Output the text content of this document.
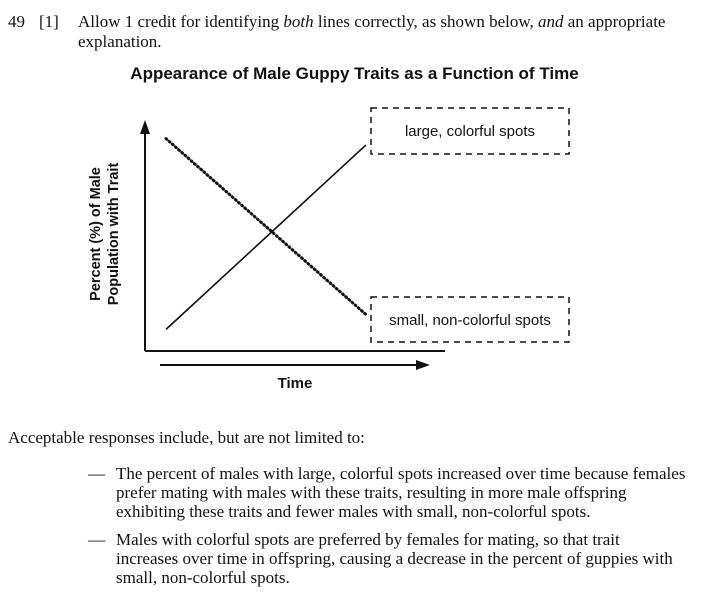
49 [1] Allow 1 credit for identifying both lines correctly, as shown below, and an appropriate
explanation.
Appearance of Male Guppy Traits as a Function of Time
large, colorful spots
small, non-colorful spots
Percent (%) of Male Population with Trait
Time
Acceptable responses include, but are not limited to:
— The percent of males with large, colorful spots increased over time because females prefer mating with males with these traits, resulting in more male offspring exhibiting these traits and fewer males with small, non-colorful spots.
— Males with colorful spots are preferred by females for mating, so that trait increases over time in offspring, causing a decrease in the percent of guppies with small, non-colorful spots.
